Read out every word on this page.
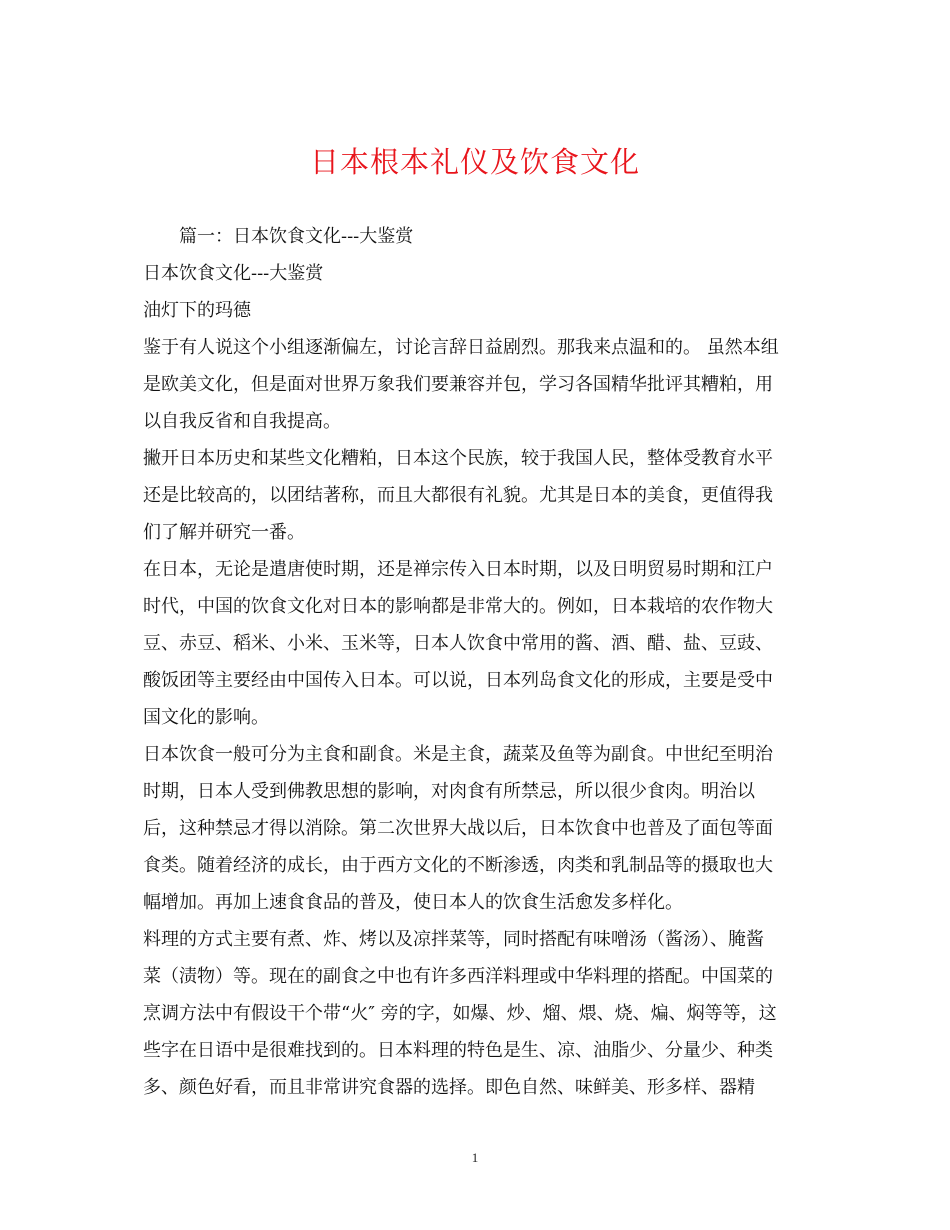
日本根本礼仪及饮食文化
篇一：日本饮食文化---大鉴赏
日本饮食文化---大鉴赏
油灯下的玛德
鉴于有人说这个小组逐渐偏左，讨论言辞日益剧烈。那我来点温和的。 虽然本组
是欧美文化，但是面对世界万象我们要兼容并包，学习各国精华批评其糟粕，用
以自我反省和自我提高。
撇开日本历史和某些文化糟粕，日本这个民族，较于我国人民，整体受教育水平
还是比较高的，以团结著称，而且大都很有礼貌。尤其是日本的美食，更值得我
们了解并研究一番。
在日本，无论是遣唐使时期，还是禅宗传入日本时期，以及日明贸易时期和江户
时代，中国的饮食文化对日本的影响都是非常大的。例如，日本栽培的农作物大
豆、赤豆、稻米、小米、玉米等，日本人饮食中常用的酱、酒、醋、盐、豆豉、
酸饭团等主要经由中国传入日本。可以说，日本列岛食文化的形成，主要是受中
国文化的影响。
日本饮食一般可分为主食和副食。米是主食，蔬菜及鱼等为副食。中世纪至明治
时期，日本人受到佛教思想的影响，对肉食有所禁忌，所以很少食肉。明治以
后，这种禁忌才得以消除。第二次世界大战以后，日本饮食中也普及了面包等面
食类。随着经济的成长，由于西方文化的不断渗透，肉类和乳制品等的摄取也大
幅增加。再加上速食食品的普及，使日本人的饮食生活愈发多样化。
料理的方式主要有煮、炸、烤以及凉拌菜等，同时搭配有味噌汤（酱汤）、腌酱
菜（渍物）等。现在的副食之中也有许多西洋料理或中华料理的搭配。中国菜的
烹调方法中有假设干个带“火″ 旁的字，如爆、炒、熘、煨、烧、煸、焖等等，这
些字在日语中是很难找到的。日本料理的特色是生、凉、油脂少、分量少、种类
多、颜色好看，而且非常讲究食器的选择。即色自然、味鲜美、形多样、器精
1
